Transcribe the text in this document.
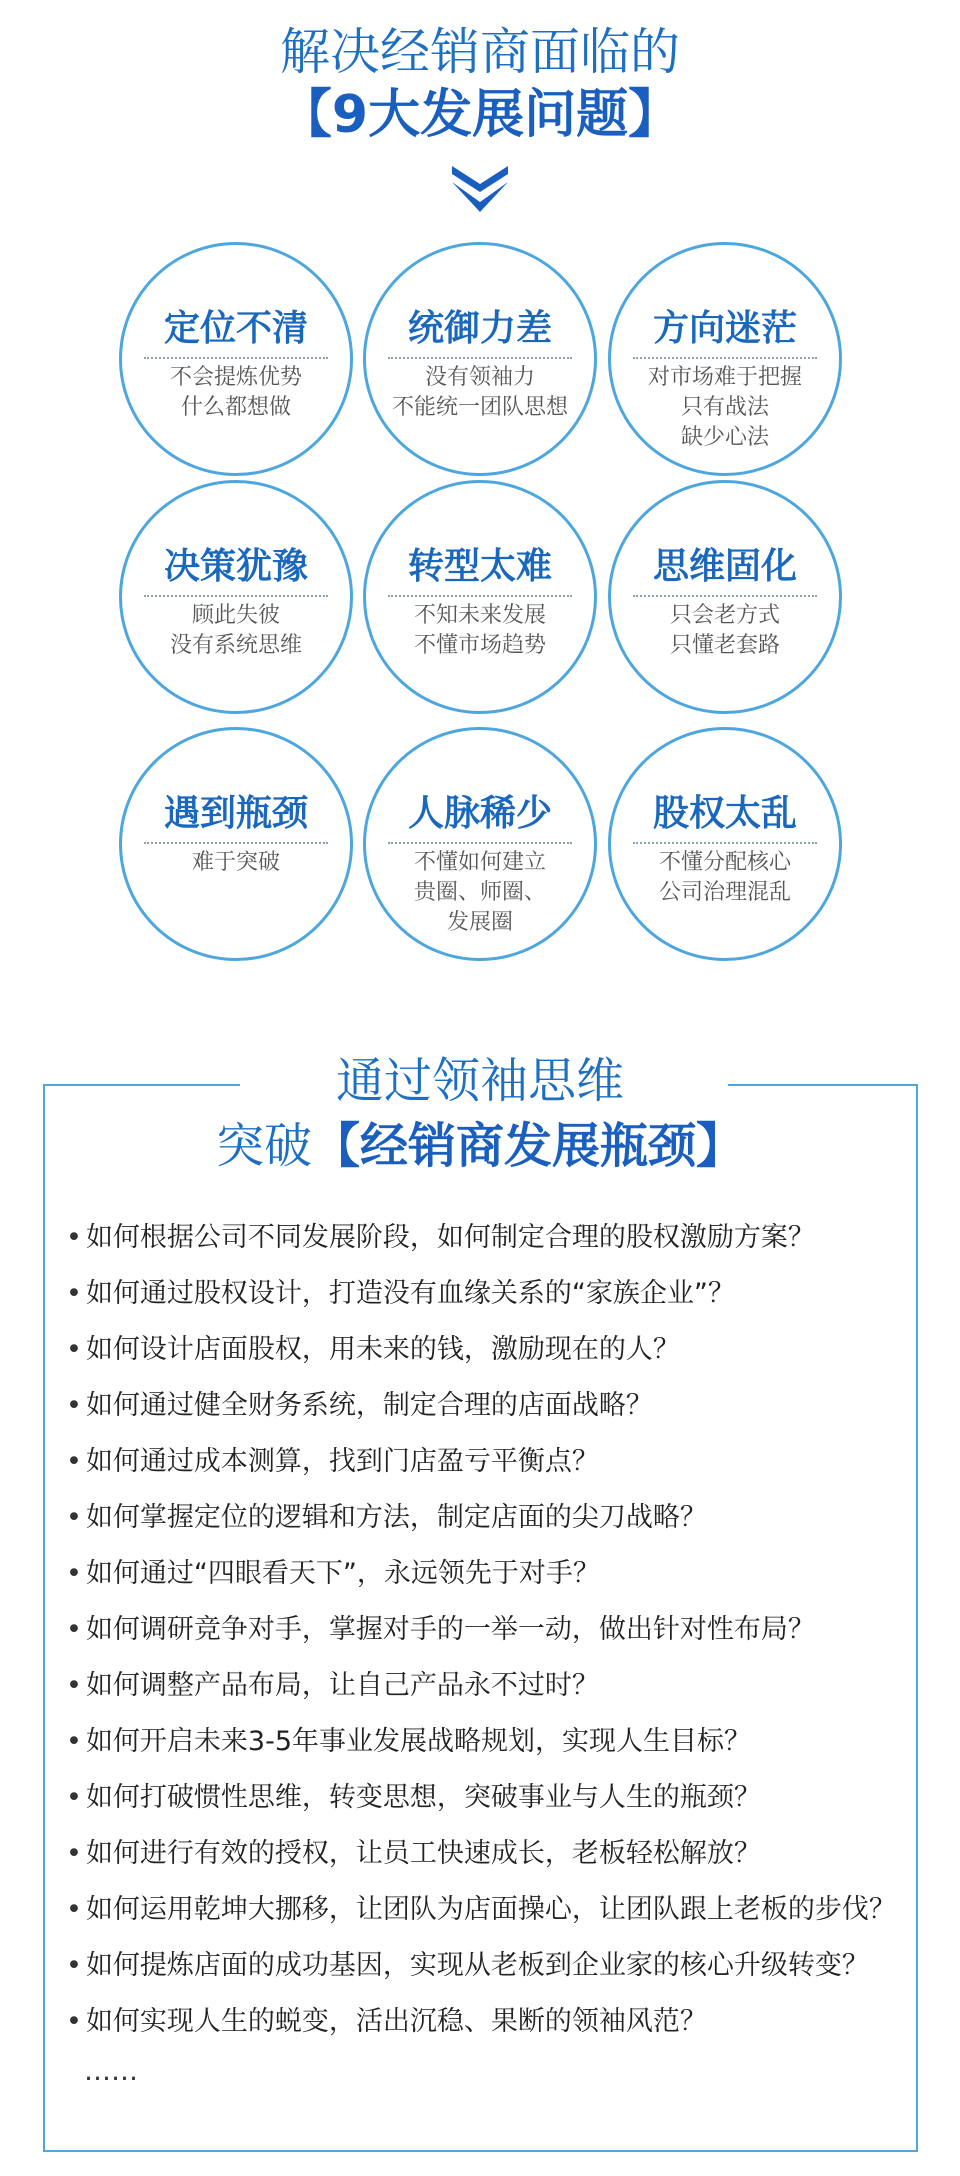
解决经销商面临的
【9大发展问题】
定位不清
不会提炼优势
什么都想做
统御力差
没有领袖力
不能统一团队思想
方向迷茫
对市场难于把握
只有战法
缺少心法
决策犹豫
顾此失彼
没有系统思维
转型太难
不知未来发展
不懂市场趋势
思维固化
只会老方式
只懂老套路
遇到瓶颈
难于突破
人脉稀少
不懂如何建立
贵圈、师圈、
发展圈
股权太乱
不懂分配核心
公司治理混乱
通过领袖思维
突破【经销商发展瓶颈】
• 如何根据公司不同发展阶段，如何制定合理的股权激励方案？
• 如何通过股权设计，打造没有血缘关系的“家族企业”？
• 如何设计店面股权，用未来的钱，激励现在的人？
• 如何通过健全财务系统，制定合理的店面战略？
• 如何通过成本测算，找到门店盈亏平衡点？
• 如何掌握定位的逻辑和方法，制定店面的尖刀战略？
• 如何通过“四眼看天下”，永远领先于对手？
• 如何调研竞争对手，掌握对手的一举一动，做出针对性布局？
• 如何调整产品布局，让自己产品永不过时？
• 如何开启未来3-5年事业发展战略规划，实现人生目标？
• 如何打破惯性思维，转变思想，突破事业与人生的瓶颈？
• 如何进行有效的授权，让员工快速成长，老板轻松解放？
• 如何运用乾坤大挪移，让团队为店面操心，让团队跟上老板的步伐？
• 如何提炼店面的成功基因，实现从老板到企业家的核心升级转变？
• 如何实现人生的蜕变，活出沉稳、果断的领袖风范？
……
